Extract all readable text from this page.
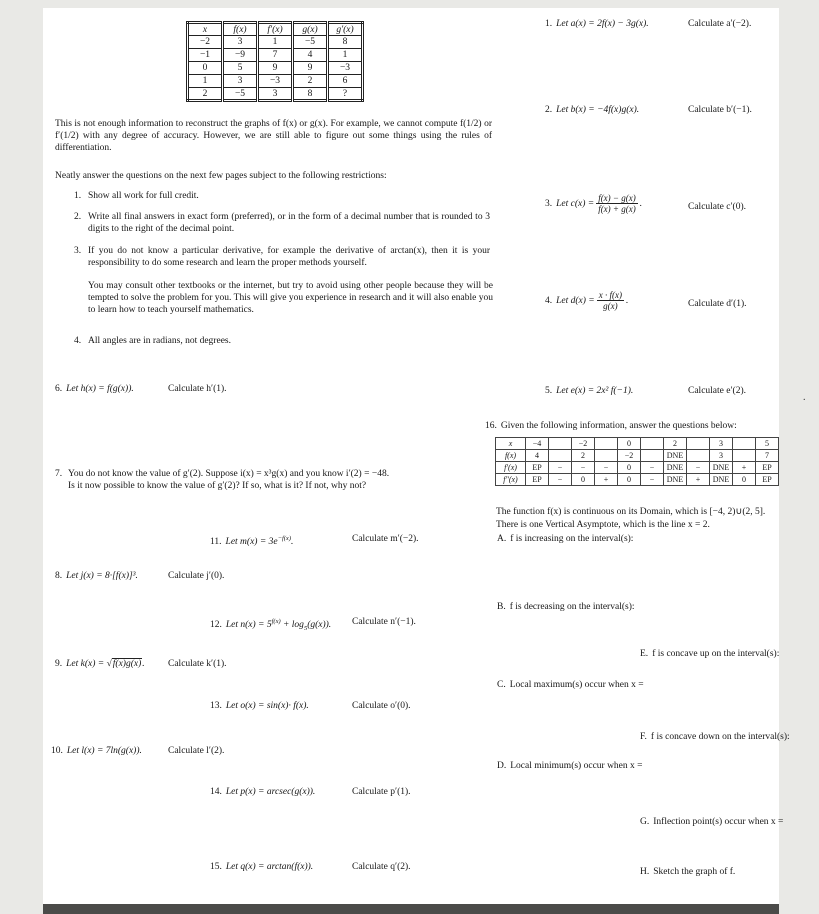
x	f(x)	f′(x)	g(x)	g′(x)
−2	3	1	−5	8
−1	−9	7	4	1
0	5	9	9	−3
1	3	−3	2	6
2	−5	3	8	?

This is not enough information to reconstruct the graphs of f(x) or g(x). For example, we cannot compute f(1/2) or f′(1/2) with any degree of accuracy. However, we are still able to figure out some things using the rules of differentiation.

Neatly answer the questions on the next few pages subject to the following restrictions:

1. Show all work for full credit.
2. Write all final answers in exact form (preferred), or in the form of a decimal number that is rounded to 3 digits to the right of the decimal point.
3. If you do not know a particular derivative, for example the derivative of arctan(x), then it is your responsibility to do some research and learn the proper methods yourself.

You may consult other textbooks or the internet, but try to avoid using other people because they will be tempted to solve the problem for you. This will give you experience in research and it will also enable you to learn how to teach yourself mathematics.

4. All angles are in radians, not degrees.
6. Let h(x) = f(g(x)).	Calculate h′(1).
7. You do not know the value of g′(2). Suppose i(x) = x³g(x) and you know i′(2) = −48.
Is it now possible to know the value of g′(2)? If so, what is it? If not, why not?
8. Let j(x) = 8·[f(x)]³.	Calculate j′(0).
9. Let k(x) = √f(x)g(x). Calculate k′(1).
10. Let l(x) = 7ln(g(x)).	Calculate l′(2).
11. Let $m(x) = 3e^{-f(x)}$.	Calculate m′(−2).
12. Let $n(x) = 5^{f(x)} + \log_5(g(x))$. Calculate n′(−1).
13. Let o(x) = sin(x)· f(x).	Calculate o′(0).
14. Let p(x) = arcsec(g(x)).	Calculate p′(1).
15. Let q(x) = arctan(f(x)).	Calculate q′(2).
1. Let a(x) = 2f(x) − 3g(x).	Calculate a′(−2).
2. Let b(x) = −4f(x)g(x).	Calculate b′(−1).
3. Let $c(x) = \frac{f(x) - g(x)}{f(x) + g(x)}$ .	Calculate c′(0).
4. Let $d(x) = \frac{x \cdot f(x)}{g(x)}$ .	Calculate d′(1).
5. Let e(x) = 2x² f(−1).	Calculate e′(2).
16. Given the following information, answer the questions below:
x	−4		−2		0		2		3		5
f(x)	4		2		−2		DNE		3		7
f′(x)	EP	−	−	−	0	−	DNE	−	DNE	+	EP
f″(x)	EP	−	0	+	0	−	DNE	+	DNE	0	EP

The function f(x) is continuous on its Domain, which is [−4, 2)∪(2, 5].

There is one Vertical Asymptote, which is the line x = 2.

A. f is increasing on the interval(s):
B. f is decreasing on the interval(s):
C. Local maximum(s) occur when x =
D. Local minimum(s) occur when x =
E. f is concave up on the interval(s):
F. f is concave down on the interval(s):
G. Inflection point(s) occur when x =
H. Sketch the graph of f.
.
